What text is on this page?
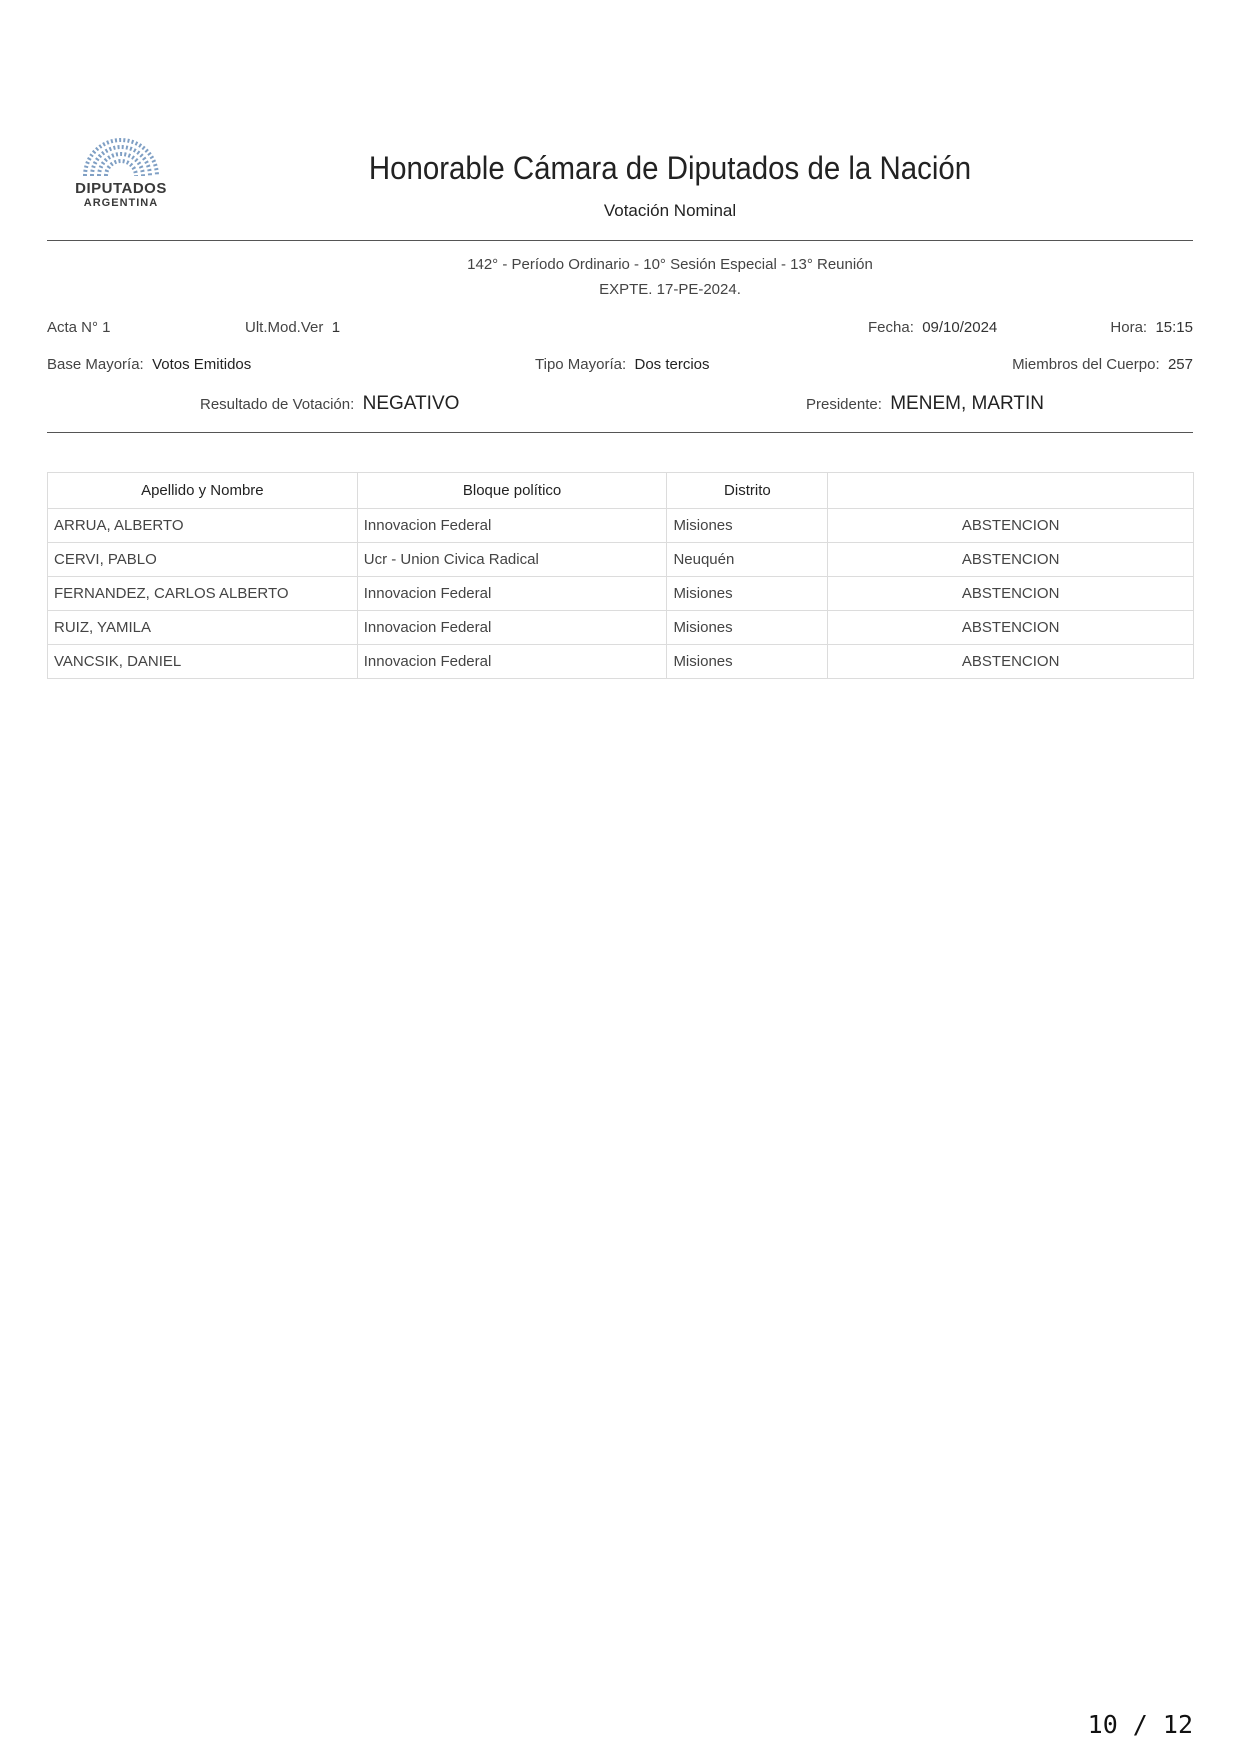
DIPUTADOS
ARGENTINA
Honorable Cámara de Diputados de la Nación
Votación Nominal
142° - Período Ordinario - 10° Sesión Especial - 13° Reunión
EXPTE. 17-PE-2024.
Acta N° 1	Ult.Mod.Ver 1	Fecha: 09/10/2024	Hora: 15:15
Base Mayoría: Votos Emitidos	Tipo Mayoría: Dos tercios	Miembros del Cuerpo: 257
Resultado de Votación: NEGATIVO	Presidente: MENEM, MARTIN
Apellido y Nombre	Bloque político	Distrito	
ARRUA, ALBERTO	Innovacion Federal	Misiones	ABSTENCION
CERVI, PABLO	Ucr - Union Civica Radical	Neuquén	ABSTENCION
FERNANDEZ, CARLOS ALBERTO	Innovacion Federal	Misiones	ABSTENCION
RUIZ, YAMILA	Innovacion Federal	Misiones	ABSTENCION
VANCSIK, DANIEL	Innovacion Federal	Misiones	ABSTENCION
10 / 12
